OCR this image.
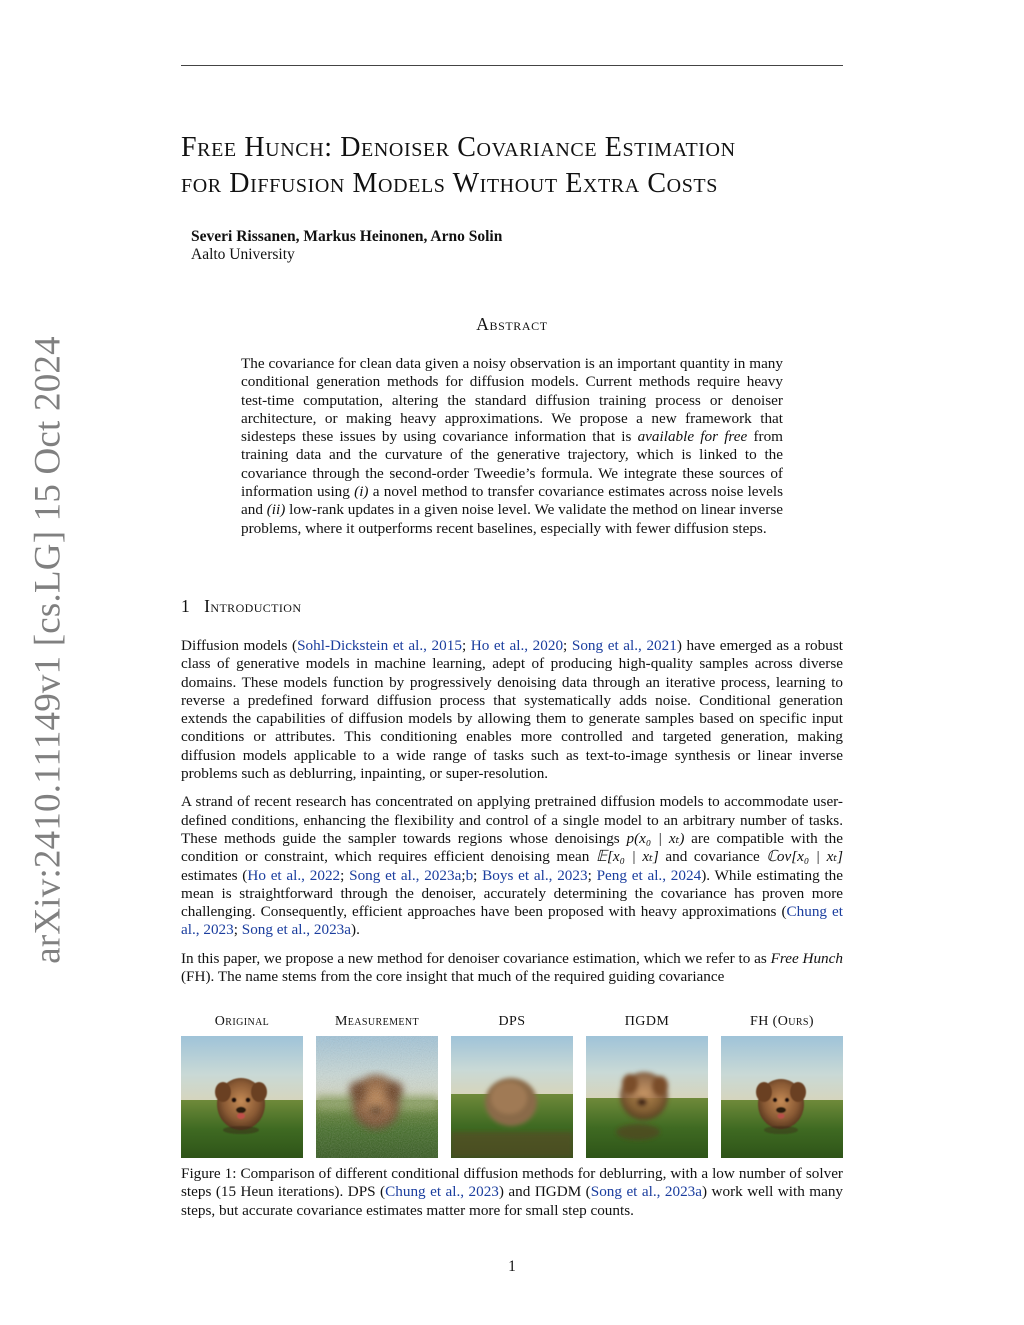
arXiv:2410.11149v1 [cs.LG] 15 Oct 2024
Free Hunch: Denoiser Covariance Estimation
for Diffusion Models Without Extra Costs
Severi Rissanen, Markus Heinonen, Arno Solin
Aalto University
Abstract
The covariance for clean data given a noisy observation is an important quantity in many conditional generation methods for diffusion models. Current methods require heavy test-time computation, altering the standard diffusion training process or denoiser architecture, or making heavy approximations. We propose a new framework that sidesteps these issues by using covariance information that is available for free from training data and the curvature of the generative trajectory, which is linked to the covariance through the second-order Tweedie’s formula. We integrate these sources of information using (i) a novel method to transfer covariance estimates across noise levels and (ii) low-rank updates in a given noise level. We validate the method on linear inverse problems, where it outperforms recent baselines, especially with fewer diffusion steps.
1 Introduction

Diffusion models (Sohl-Dickstein et al., 2015; Ho et al., 2020; Song et al., 2021) have emerged as a robust class of generative models in machine learning, adept of producing high-quality samples across diverse domains. These models function by progressively denoising data through an iterative process, learning to reverse a predefined forward diffusion process that systematically adds noise. Conditional generation extends the capabilities of diffusion models by allowing them to generate samples based on specific input conditions or attributes. This conditioning enables more controlled and targeted generation, making diffusion models applicable to a wide range of tasks such as text-to-image synthesis or linear inverse problems such as deblurring, inpainting, or super-resolution.

A strand of recent research has concentrated on applying pretrained diffusion models to accommodate user-defined conditions, enhancing the flexibility and control of a single model to an arbitrary number of tasks. These methods guide the sampler towards regions whose denoisings p(x₀ | xₜ) are compatible with the condition or constraint, which requires efficient denoising mean 𝔼[x₀ | xₜ] and covariance ℂov[x₀ | xₜ] estimates (Ho et al., 2022; Song et al., 2023a;b; Boys et al., 2023; Peng et al., 2024). While estimating the mean is straightforward through the denoiser, accurately determining the covariance has proven more challenging. Consequently, efficient approaches have been proposed with heavy approximations (Chung et al., 2023; Song et al., 2023a).

In this paper, we propose a new method for denoiser covariance estimation, which we refer to as Free Hunch (FH). The name stems from the core insight that much of the required guiding covariance

Original	Measurement	DPS	ΠGDM	FH (Ours)
Figure 1: Comparison of different conditional diffusion methods for deblurring, with a low number of solver steps (15 Heun iterations). DPS (Chung et al., 2023) and ΠGDM (Song et al., 2023a) work well with many steps, but accurate covariance estimates matter more for small step counts.
1
